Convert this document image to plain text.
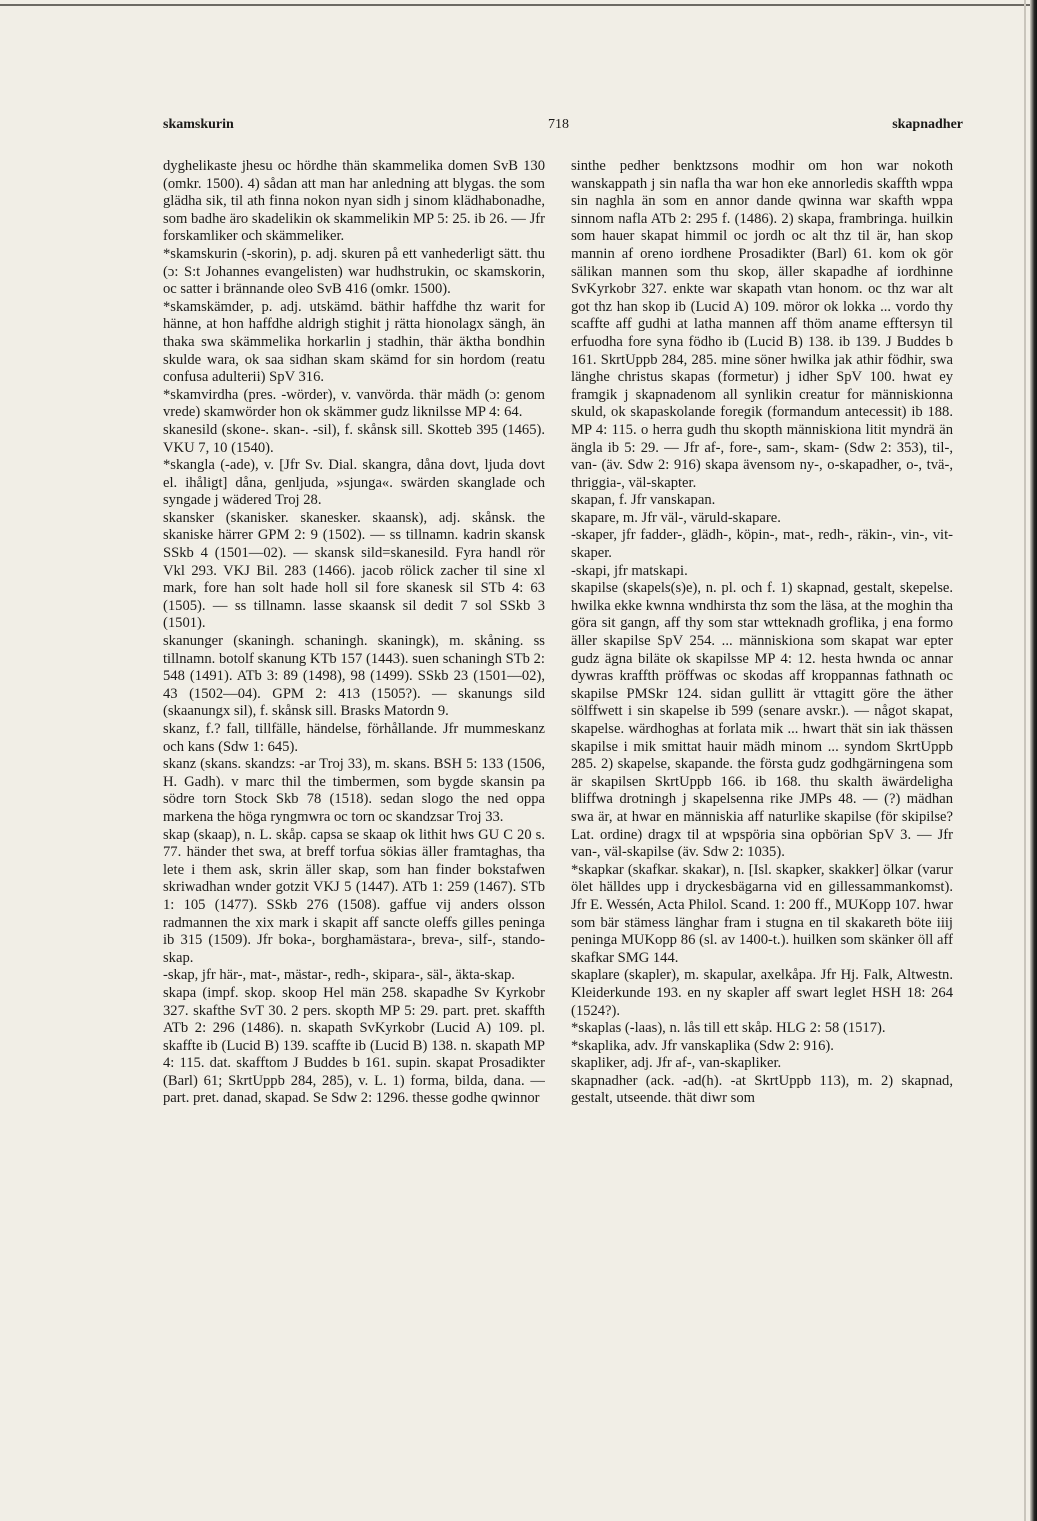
skamskurin	718	skapnadher

dyghelikaste jhesu oc hördhe thän skammelika domen SvB 130 (omkr. 1500). 4) sådan att man har anledning att blygas. the som glädha sik, til ath finna nokon nyan sidh j sinom klädhabonadhe, som badhe äro skadelikin ok skammelikin MP 5: 25. ib 26. — Jfr forskamliker och skämmeliker.

*skamskurin (-skorin), p. adj. skuren på ett vanhederligt sätt. thu (ɔ: S:t Johannes evangelisten) war hudhstrukin, oc skamskorin, oc satter i brännande oleo SvB 416 (omkr. 1500).

*skamskämder, p. adj. utskämd. bäthir haffdhe thz warit for hänne, at hon haffdhe aldrigh stighit j rätta hionolagx sängh, än thaka swa skämmelika horkarlin j stadhin, thär äktha bondhin skulde wara, ok saa sidhan skam skämd for sin hordom (reatu confusa adulterii) SpV 316.

*skamvirdha (pres. -wörder), v. vanvörda. thär mädh (ɔ: genom vrede) skamwörder hon ok skämmer gudz liknilsse MP 4: 64.

skanesild (skone-. skan-. -sil), f. skånsk sill. Skotteb 395 (1465). VKU 7, 10 (1540).

*skangla (-ade), v. [Jfr Sv. Dial. skangra, dåna dovt, ljuda dovt el. ihåligt] dåna, genljuda, »sjunga«. swärden skanglade och syngade j wädered Troj 28.

skansker (skanisker. skanesker. skaansk), adj. skånsk. the skaniske härrer GPM 2: 9 (1502). — ss tillnamn. kadrin skansk SSkb 4 (1501—02). — skansk sild=skanesild. Fyra handl rör Vkl 293. VKJ Bil. 283 (1466). jacob rölick zacher til sine xl mark, fore han solt hade holl sil fore skanesk sil STb 4: 63 (1505). — ss tillnamn. lasse skaansk sil dedit 7 sol SSkb 3 (1501).

skanunger (skaningh. schaningh. skaningk), m. skåning. ss tillnamn. botolf skanung KTb 157 (1443). suen schaningh STb 2: 548 (1491). ATb 3: 89 (1498), 98 (1499). SSkb 23 (1501—02), 43 (1502—04). GPM 2: 413 (1505?). — skanungs sild (skaanungx sil), f. skånsk sill. Brasks Matordn 9.

skanz, f.? fall, tillfälle, händelse, förhållande. Jfr mummeskanz och kans (Sdw 1: 645).

skanz (skans. skandzs: -ar Troj 33), m. skans. BSH 5: 133 (1506, H. Gadh). v marc thil the timbermen, som bygde skansin pa södre torn Stock Skb 78 (1518). sedan slogo the ned oppa markena the höga ryngmwra oc torn oc skandzsar Troj 33.

skap (skaap), n. L. skåp. capsa se skaap ok lithit hws GU C 20 s. 77. händer thet swa, at breff torfua sökias äller framtaghas, tha lete i them ask, skrin äller skap, som han finder bokstafwen skriwadhan wnder gotzit VKJ 5 (1447). ATb 1: 259 (1467). STb 1: 105 (1477). SSkb 276 (1508). gaffue vij anders olsson radmannen the xix mark i skapit aff sancte oleffs gilles peninga ib 315 (1509). Jfr boka-, borghamästara-, breva-, silf-, stando-skap.

-skap, jfr här-, mat-, mästar-, redh-, skipara-, säl-, äkta-skap.

skapa (impf. skop. skoop Hel män 258. skapadhe Sv Kyrkobr 327. skafthe SvT 30. 2 pers. skopth MP 5: 29. part. pret. skaffth ATb 2: 296 (1486). n. skapath SvKyrkobr (Lucid A) 109. pl. skaffte ib (Lucid B) 139. scaffte ib (Lucid B) 138. n. skapath MP 4: 115. dat. skafftom J Buddes b 161. supin. skapat Prosadikter (Barl) 61; SkrtUppb 284, 285), v. L. 1) forma, bilda, dana. — part. pret. danad, skapad. Se Sdw 2: 1296. thesse godhe qwinnor

sinthe pedher benktzsons modhir om hon war nokoth wanskappath j sin nafla tha war hon eke annorledis skaffth wppa sin naghla än som en annor dande qwinna war skafth wppa sinnom nafla ATb 2: 295 f. (1486). 2) skapa, frambringa. huilkin som hauer skapat himmil oc jordh oc alt thz til är, han skop mannin af oreno iordhene Prosadikter (Barl) 61. kom ok gör sälikan mannen som thu skop, äller skapadhe af iordhinne SvKyrkobr 327. enkte war skapath vtan honom. oc thz war alt got thz han skop ib (Lucid A) 109. möror ok lokka ... vordo thy scaffte aff gudhi at latha mannen aff thöm aname efftersyn til erfuodha fore syna födho ib (Lucid B) 138. ib 139. J Buddes b 161. SkrtUppb 284, 285. mine söner hwilka jak athir födhir, swa länghe christus skapas (formetur) j idher SpV 100. hwat ey framgik j skapnadenom all synlikin creatur for människionna skuld, ok skapaskolande foregik (formandum antecessit) ib 188. MP 4: 115. o herra gudh thu skopth människiona litit myndrä än ängla ib 5: 29. — Jfr af-, fore-, sam-, skam- (Sdw 2: 353), til-, van- (äv. Sdw 2: 916) skapa ävensom ny-, o-skapadher, o-, tvä-, thriggia-, väl-skapter.

skapan, f. Jfr vanskapan.

skapare, m. Jfr väl-, väruld-skapare.

-skaper, jfr fadder-, glädh-, köpin-, mat-, redh-, räkin-, vin-, vit-skaper.

-skapi, jfr matskapi.

skapilse (skapels(s)e), n. pl. och f. 1) skapnad, gestalt, skepelse. hwilka ekke kwnna wndhirsta thz som the läsa, at the moghin tha göra sit gangn, aff thy som star wtteknadh groflika, j ena formo äller skapilse SpV 254. ... människiona som skapat war epter gudz ägna biläte ok skapilsse MP 4: 12. hesta hwnda oc annar dywras kraffth pröffwas oc skodas aff kroppannas fathnath oc skapilse PMSkr 124. sidan gullitt är vttagitt göre the äther sölffwett i sin skapelse ib 599 (senare avskr.). — något skapat, skapelse. wärdhoghas at forlata mik ... hwart thät sin iak thässen skapilse i mik smittat hauir mädh minom ... syndom SkrtUppb 285. 2) skapelse, skapande. the första gudz godhgärningena som är skapilsen SkrtUppb 166. ib 168. thu skalth äwärdeligha bliffwa drotningh j skapelsenna rike JMPs 48. — (?) mädhan swa är, at hwar en människia aff naturlike skapilse (för skipilse? Lat. ordine) dragx til at wpspöria sina opbörian SpV 3. — Jfr van-, väl-skapilse (äv. Sdw 2: 1035).

*skapkar (skafkar. skakar), n. [Isl. skapker, skakker] ölkar (varur ölet hälldes upp i dryckesbägarna vid en gillessammankomst). Jfr E. Wessén, Acta Philol. Scand. 1: 200 ff., MUKopp 107. hwar som bär stämess länghar fram i stugna en til skakareth böte iiij peninga MUKopp 86 (sl. av 1400-t.). huilken som skänker öll aff skafkar SMG 144.

skaplare (skapler), m. skapular, axelkåpa. Jfr Hj. Falk, Altwestn. Kleiderkunde 193. en ny skapler aff swart leglet HSH 18: 264 (1524?).

*skaplas (-laas), n. lås till ett skåp. HLG 2: 58 (1517).

*skaplika, adv. Jfr vanskaplika (Sdw 2: 916).

skapliker, adj. Jfr af-, van-skapliker.

skapnadher (ack. -ad(h). -at SkrtUppb 113), m. 2) skapnad, gestalt, utseende. thät diwr som
